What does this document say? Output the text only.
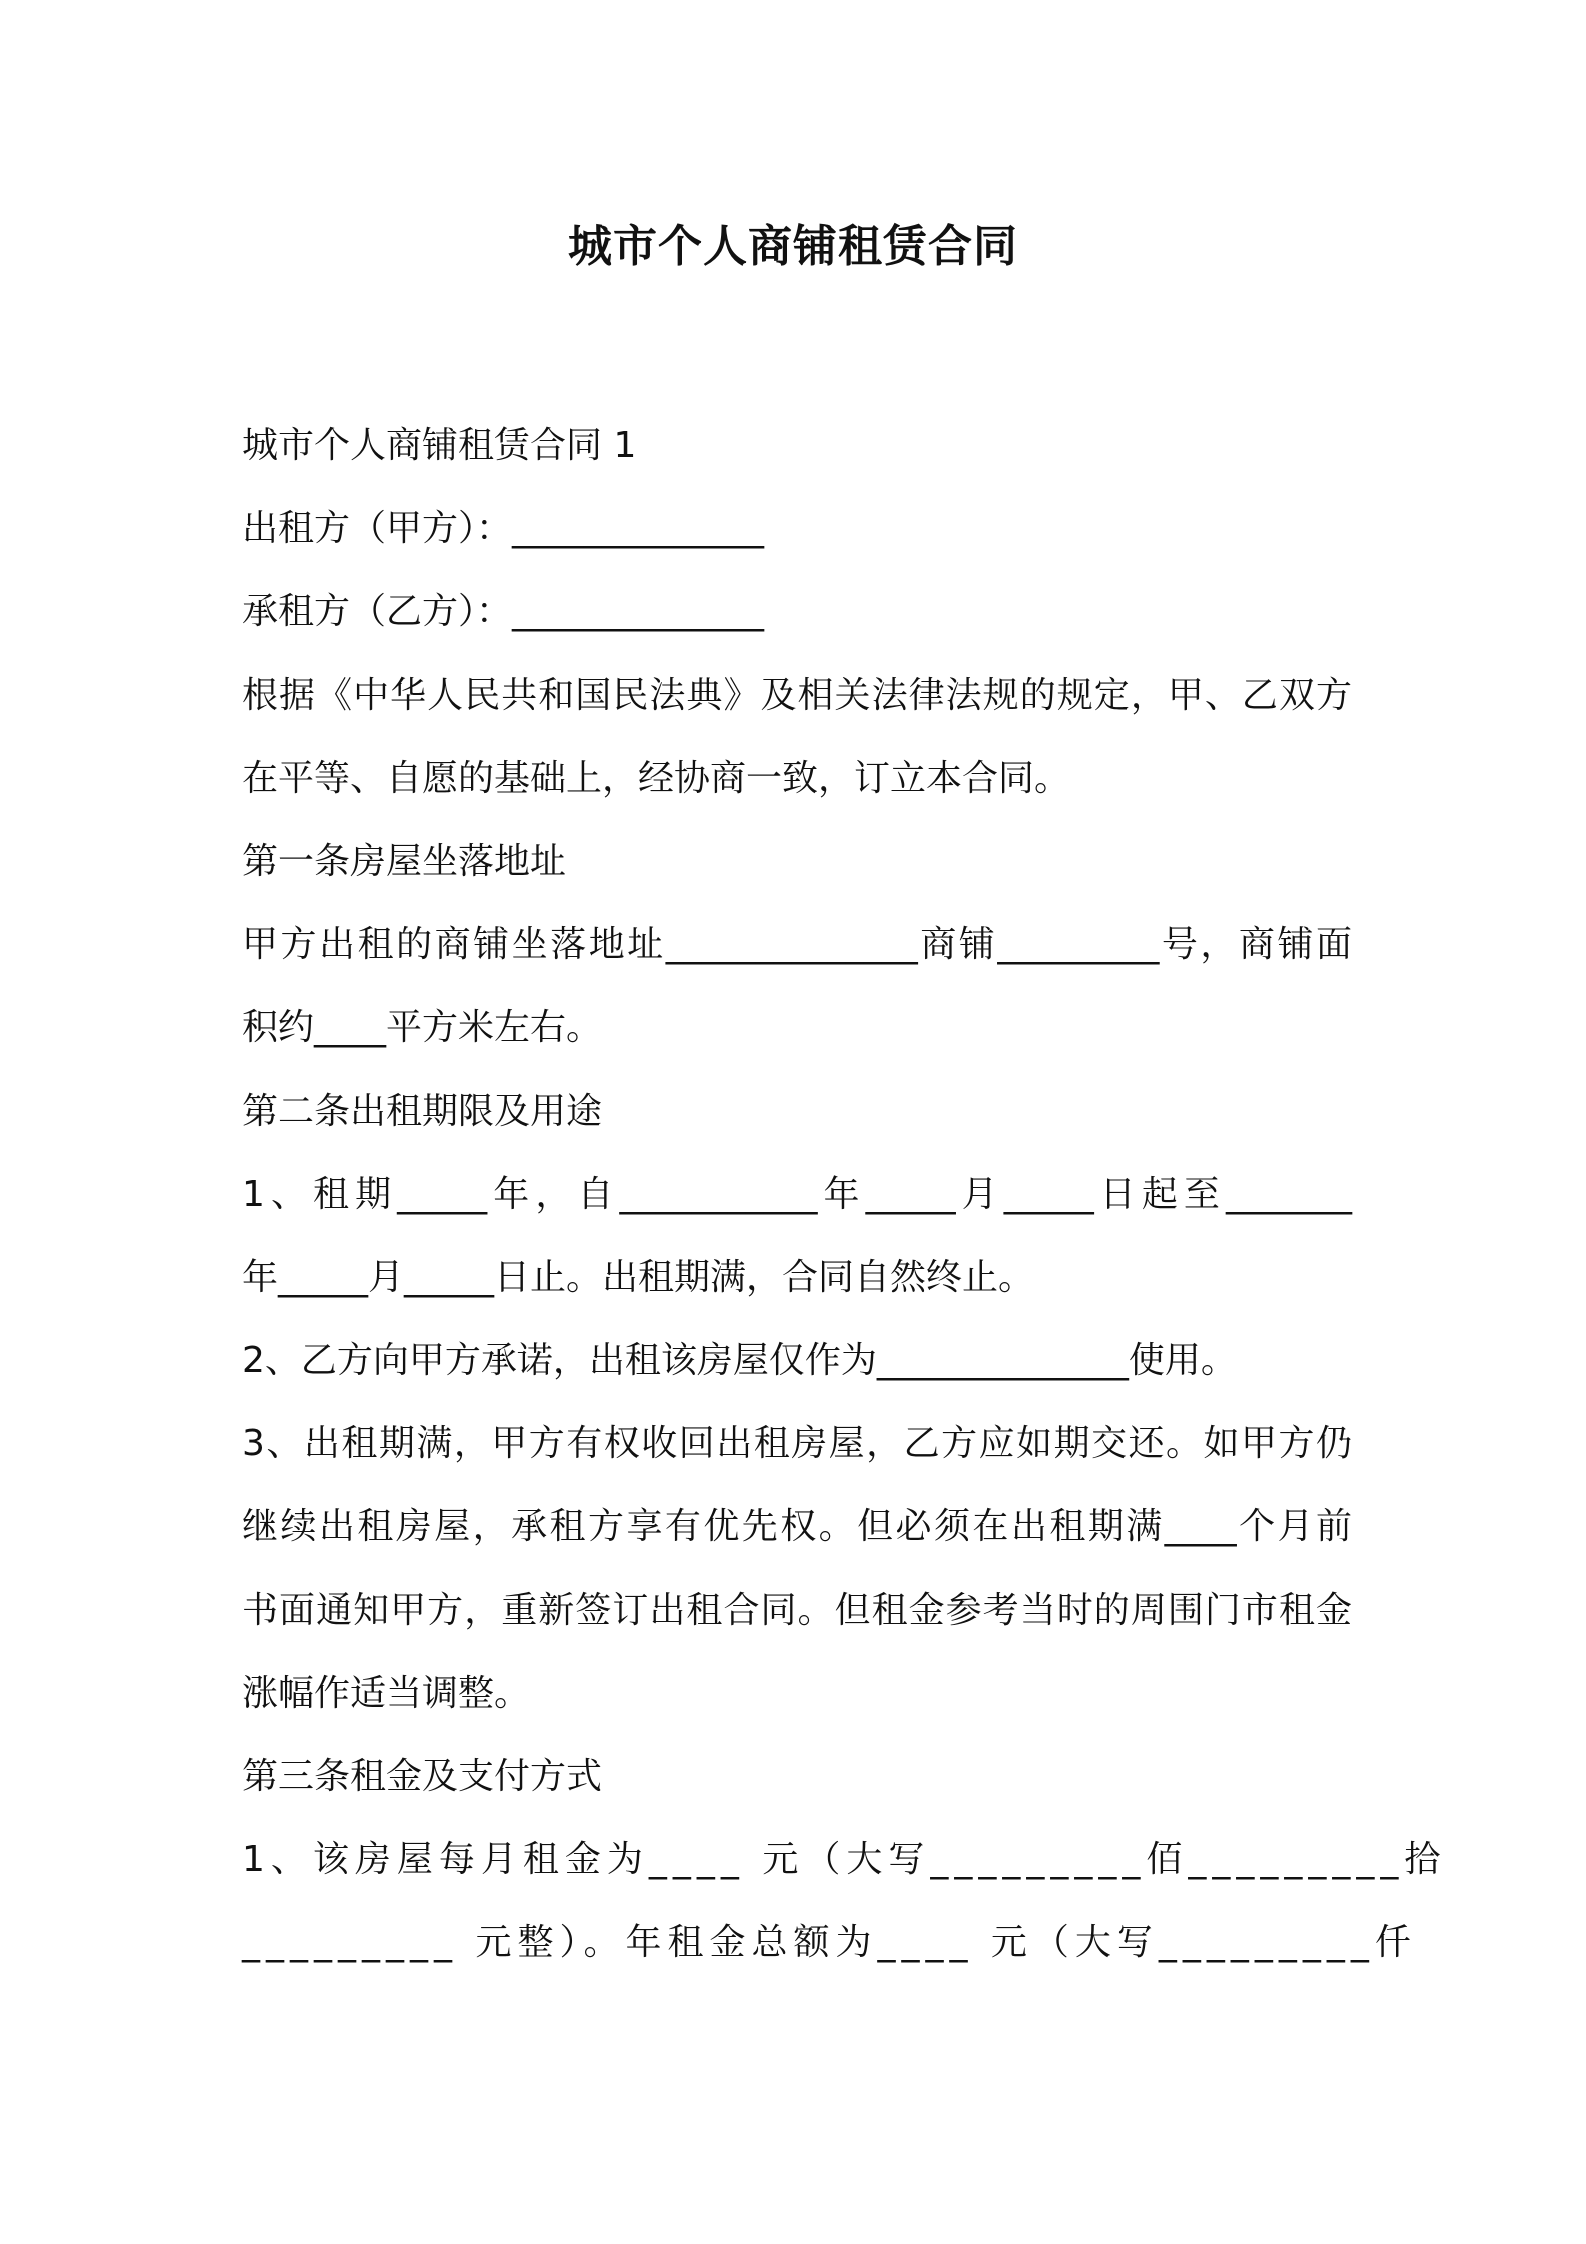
城市个人商铺租赁合同
城市个人商铺租赁合同 1
出租方（甲方）：______________
承租方（乙方）：______________
根据《中华人民共和国民法典》及相关法律法规的规定，甲、乙双方
在平等、自愿的基础上，经协商一致，订立本合同。
第一条房屋坐落地址
甲方出租的商铺坐落地址______________商铺_________号，商铺面
积约____平方米左右。
第二条出租期限及用途
1、租期_____年，自___________年_____月_____日起至_______
年_____月_____日止。出租期满，合同自然终止。
2、乙方向甲方承诺，出租该房屋仅作为______________使用。
3、出租期满，甲方有权收回出租房屋，乙方应如期交还。如甲方仍
继续出租房屋，承租方享有优先权。但必须在出租期满____个月前
书面通知甲方，重新签订出租合同。但租金参考当时的周围门市租金
涨幅作适当调整。
第三条租金及支付方式
1、该房屋每月租金为____ 元（大写_________佰_________拾
_________ 元整）。年租金总额为____ 元（大写_________仟
